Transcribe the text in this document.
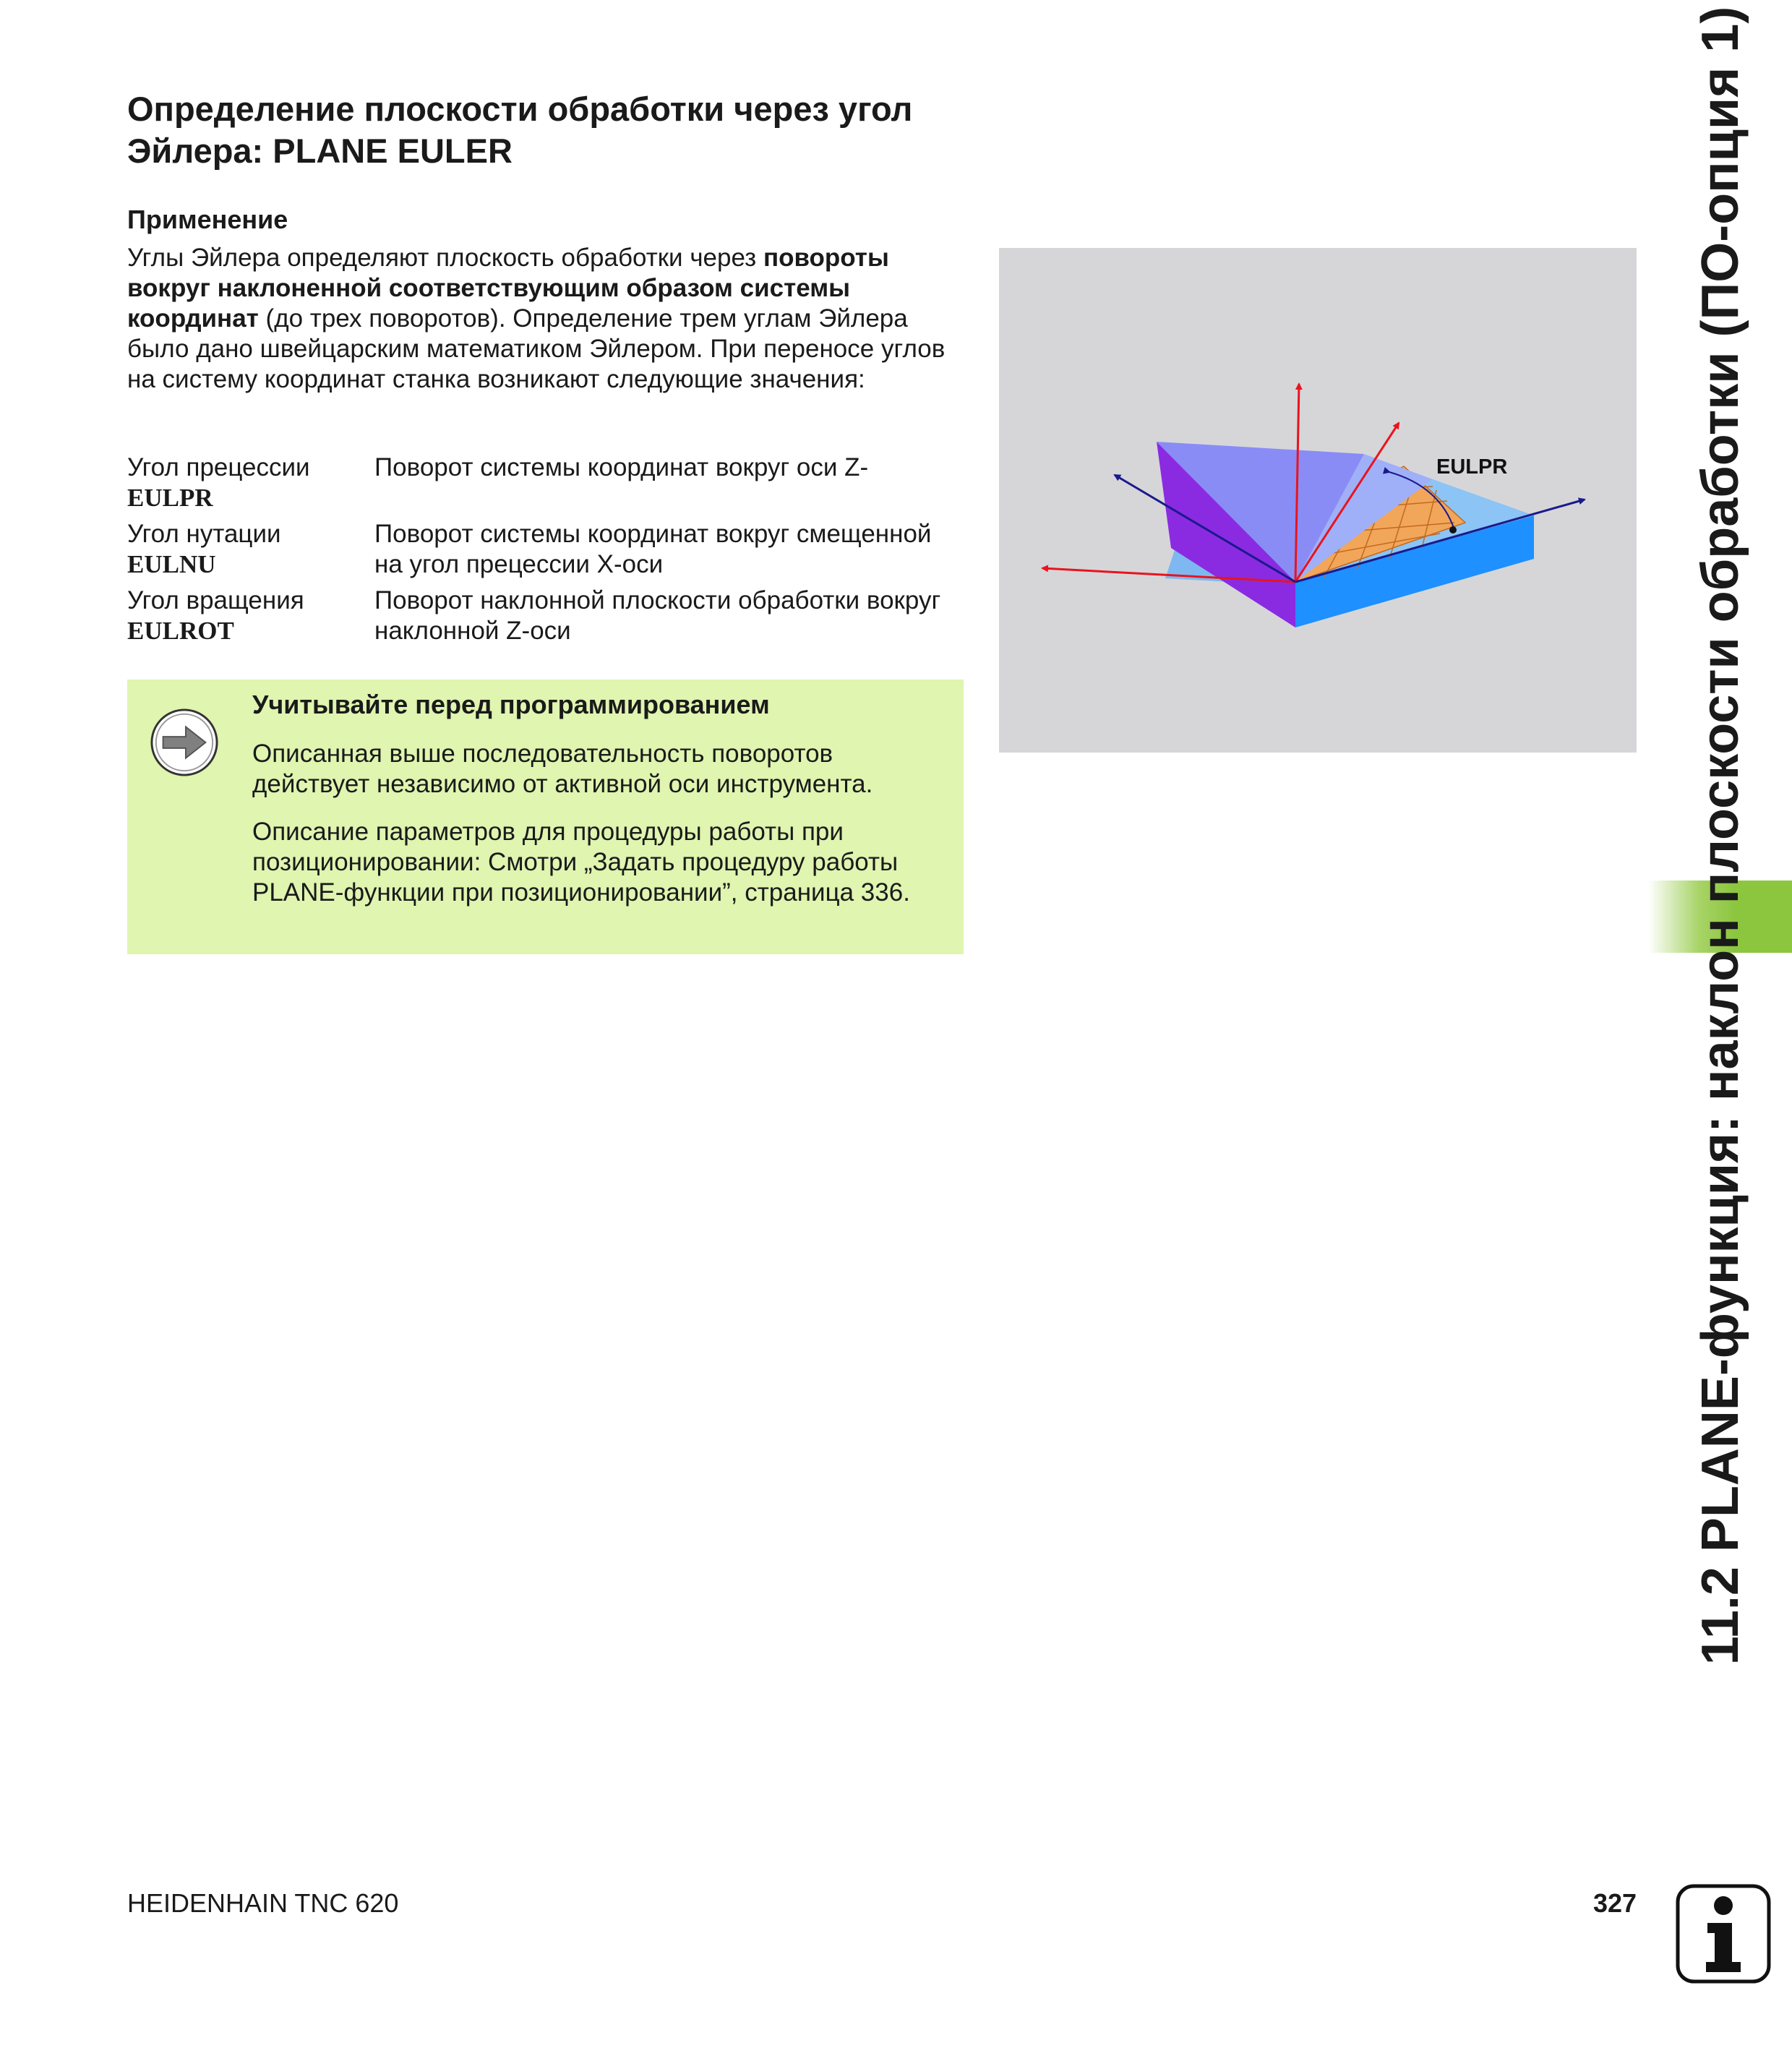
Определение плоскости обработки через угол Эйлера: PLANE EULER
Применение

Углы Эйлера определяют плоскость обработки через повороты вокруг наклоненной соответствующим образом системы координат (до трех поворотов). Определение трем углам Эйлера было дано швейцарским математиком Эйлером. При переносе углов на систему координат станка возникают следующие значения:

Угол прецессии
EULPR
Поворот системы координат вокруг оси Z-
Угол нутации
EULNU
Поворот системы координат вокруг смещенной на угол прецессии X-оси
Угол вращения
EULROT
Поворот наклонной плоскости обработки вокруг наклонной Z-оси

Учитывайте перед программированием

Описанная выше последовательность поворотов действует независимо от активной оси инструмента.

Описание параметров для процедуры работы при позиционировании: Смотри „Задать процедуру работы PLANE-функции при позиционировании”, страница 336.

EULPR	11.2 PLANE-функция: наклон плоскости обработки (ПО-опция 1)
HEIDENHAIN TNC 620	327
